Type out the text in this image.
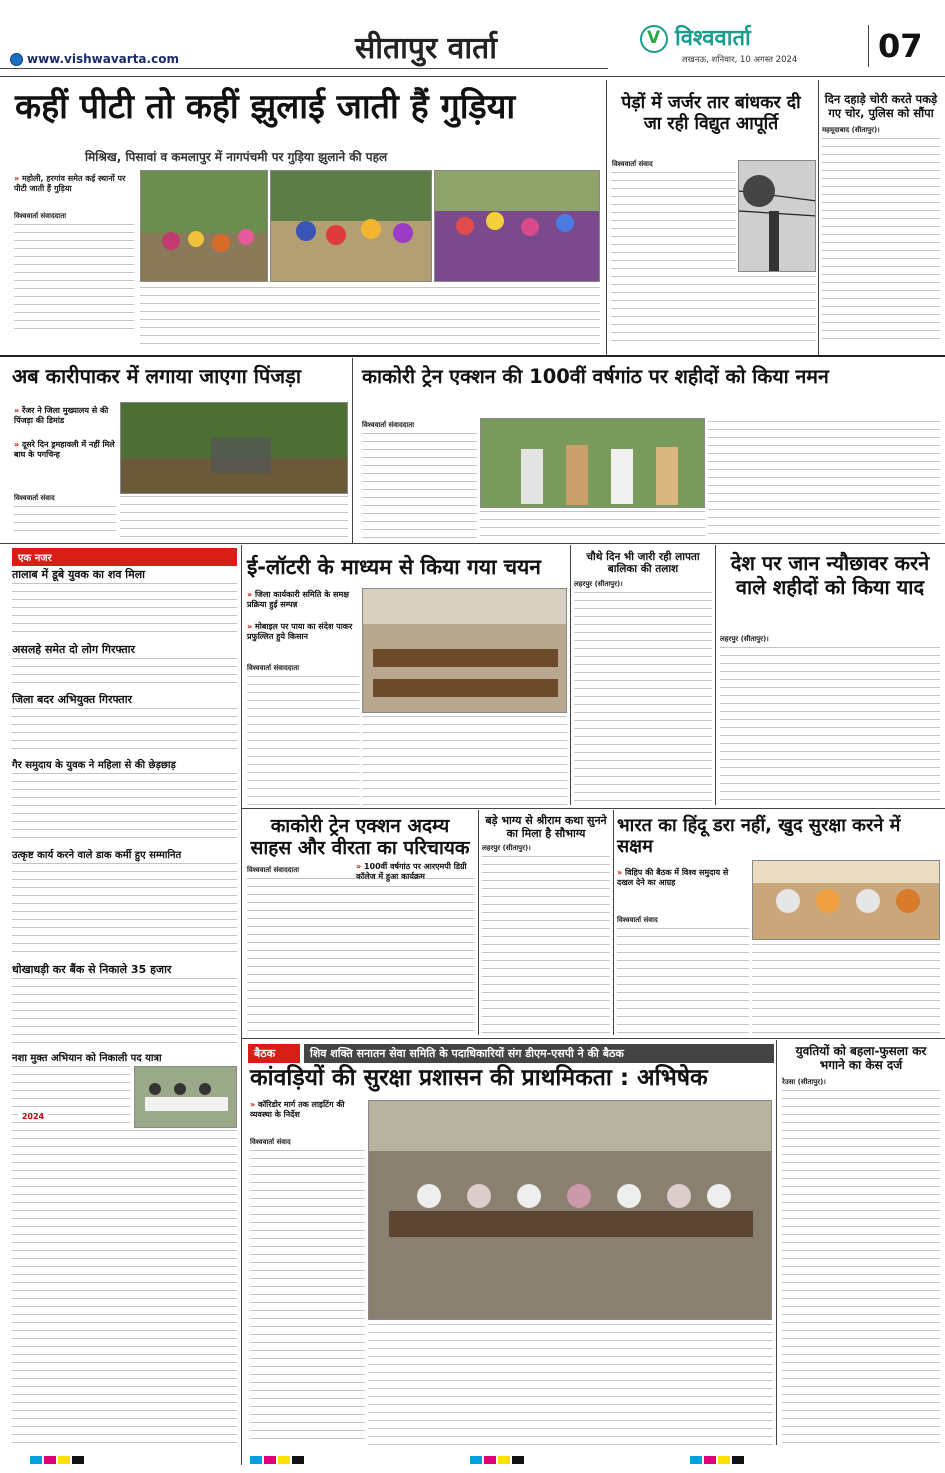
www.vishwavarta.com	सीतापुर वार्ता	V विश्ववार्ता
लखनऊ, शनिवार, 10 अगस्त 2024	07
कहीं पीटी तो कहीं झुलाई जाती हैं गुड़िया
मिश्रिख, पिसावां व कमलापुर में नागपंचमी पर गुड़िया झुलाने की पहल
» महोली, हरगांव समेत कई स्थानों पर पीटी जाती हैं गुड़िया
विश्ववार्ता संवाददाता
पेड़ों में जर्जर तार बांधकर दी जा रही विद्युत आपूर्ति
विश्ववार्ता संवाद
दिन दहाड़े चोरी करते पकड़े गए चोर, पुलिस को सौंपा
महमूदाबाद (सीतापुर)।
अब कारीपाकर में लगाया जाएगा पिंजड़ा
» रेंजर ने जिला मुख्यालय से की पिंजड़ा की डिमांड
» दूसरे दिन ड्रमहावली में नहीं मिले बाघ के पगचिन्ह
विश्ववार्ता संवाद
काकोरी ट्रेन एक्शन की 100वीं वर्षगांठ पर शहीदों को किया नमन
विश्ववार्ता संवाददाता
एक नजर
तालाब में डूबे युवक का शव मिला
असलहे समेत दो लोग गिरफ्तार
जिला बदर अभियुक्त गिरफ्तार
गैर समुदाय के युवक ने महिला से की छेड़छाड़
उत्कृष्ट कार्य करने वाले डाक कर्मी हुए सम्मानित
धोखाधड़ी कर बैंक से निकाले 35 हजार
नशा मुक्त अभियान को निकाली पद यात्रा
ई-लॉटरी के माध्यम से किया गया चयन
» जिला कार्यकारी समिति के समक्ष प्रक्रिया हुई सम्पन्न
» मोबाइल पर पाया का संदेश पाकर प्रफुल्लित हुये किसान
विश्ववार्ता संवाददाता
चौथे दिन भी जारी रही लापता बालिका की तलाश
लहरपुर (सीतापुर)।
देश पर जान न्यौछावर करने वाले शहीदों को किया याद
लहरपुर (सीतापुर)।
काकोरी ट्रेन एक्शन अदम्य साहस और वीरता का परिचायक
» 100वीं वर्षगांठ पर आरएमपी डिग्री कॉलेज में हुआ कार्यक्रम
विश्ववार्ता संवाददाता
बड़े भाग्य से श्रीराम कथा सुनने का मिला है सौभाग्य
लहरपुर (सीतापुर)।
भारत का हिंदू डरा नहीं, खुद सुरक्षा करने में सक्षम
» विहिप की बैठक में विश्व समुदाय से दखल देने का आग्रह
विश्ववार्ता संवाद
बैठक	शिव शक्ति सनातन सेवा समिति के पदाधिकारियों संग डीएम-एसपी ने की बैठक
कांवड़ियों की सुरक्षा प्रशासन की प्राथमिकता : अभिषेक
» कॉरिडोर मार्ग तक लाइटिंग की व्यवस्था के निर्देश
विश्ववार्ता संवाद
2024
युवतियों को बहला-फुसला कर भगाने का केस दर्ज
रेउसा (सीतापुर)।
